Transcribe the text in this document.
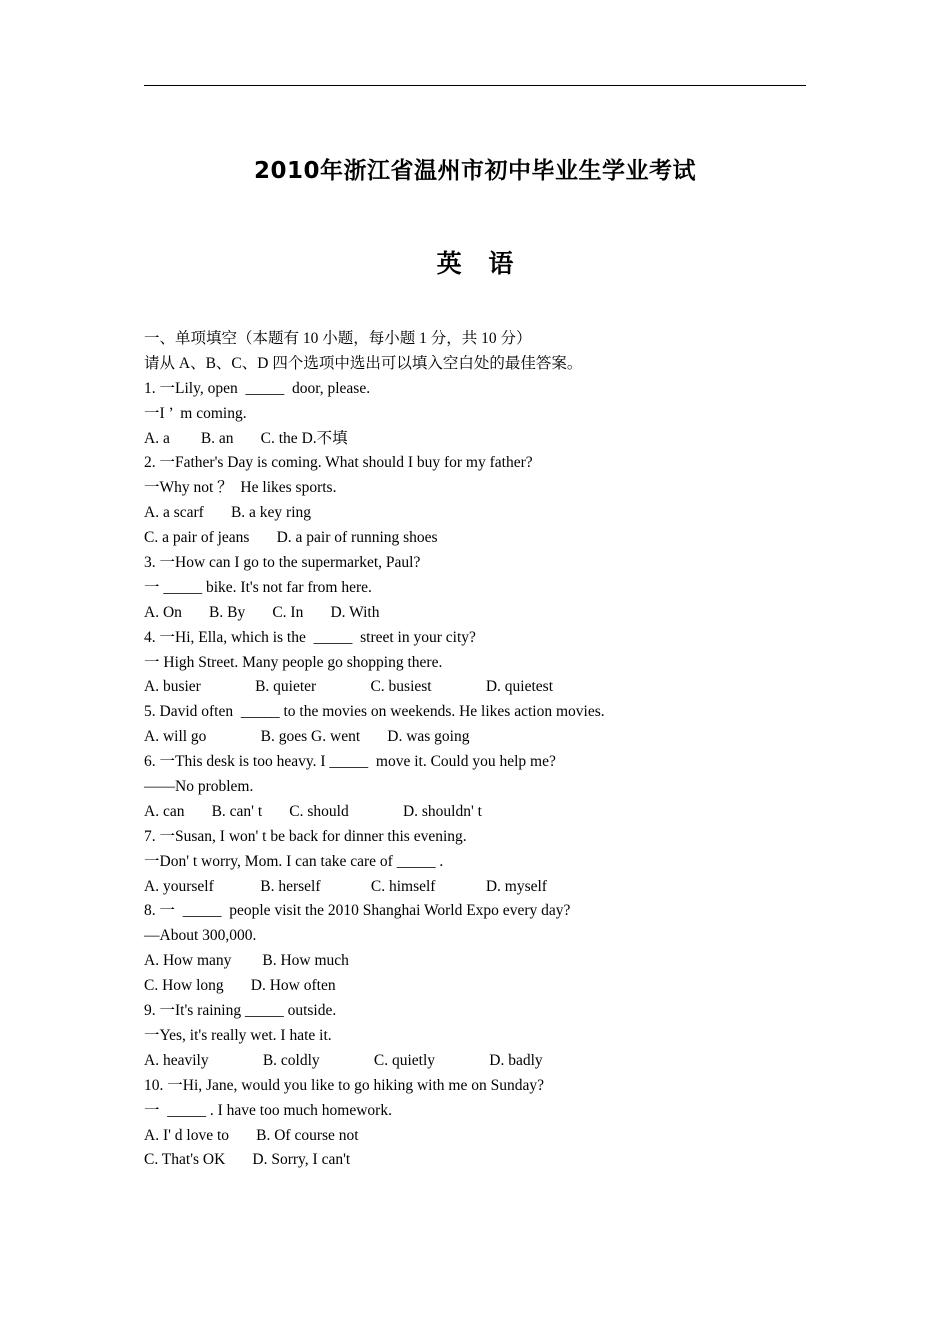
2010年浙江省温州市初中毕业生学业考试
英 语
一、单项填空（本题有 10 小题，每小题 1 分，共 10 分）
请从 A、B、C、D 四个选项中选出可以填入空白处的最佳答案。
1. 一Lily, open  _____  door, please.
一I ’  m coming.
A. a        B. an       C. the D.不填
2. 一Father's Day is coming. What should I buy for my father?
一Why not ？  He likes sports.
A. a scarf       B. a key ring
C. a pair of jeans       D. a pair of running shoes
3. 一How can I go to the supermarket, Paul?
一 _____ bike. It's not far from here.
A. On       B. By       C. In       D. With
4. 一Hi, Ella, which is the  _____  street in your city?
一 High Street. Many people go shopping there.
A. busier              B. quieter              C. busiest              D. quietest
5. David often  _____ to the movies on weekends. He likes action movies.
A. will go              B. goes G. went       D. was going
6. 一This desk is too heavy. I _____  move it. Could you help me?
——No problem.
A. can       B. can' t       C. should              D. shouldn' t
7. 一Susan, I won' t be back for dinner this evening.
一Don' t worry, Mom. I can take care of _____ .
A. yourself            B. herself             C. himself             D. myself
8. 一  _____  people visit the 2010 Shanghai World Expo every day?
—About 300,000.
A. How many        B. How much
C. How long       D. How often
9. 一It's raining _____ outside.
一Yes, it's really wet. I hate it.
A. heavily              B. coldly              C. quietly              D. badly
10. 一Hi, Jane, would you like to go hiking with me on Sunday?
一  _____ . I have too much homework.
A. I' d love to       B. Of course not
C. That's OK       D. Sorry, I can't
